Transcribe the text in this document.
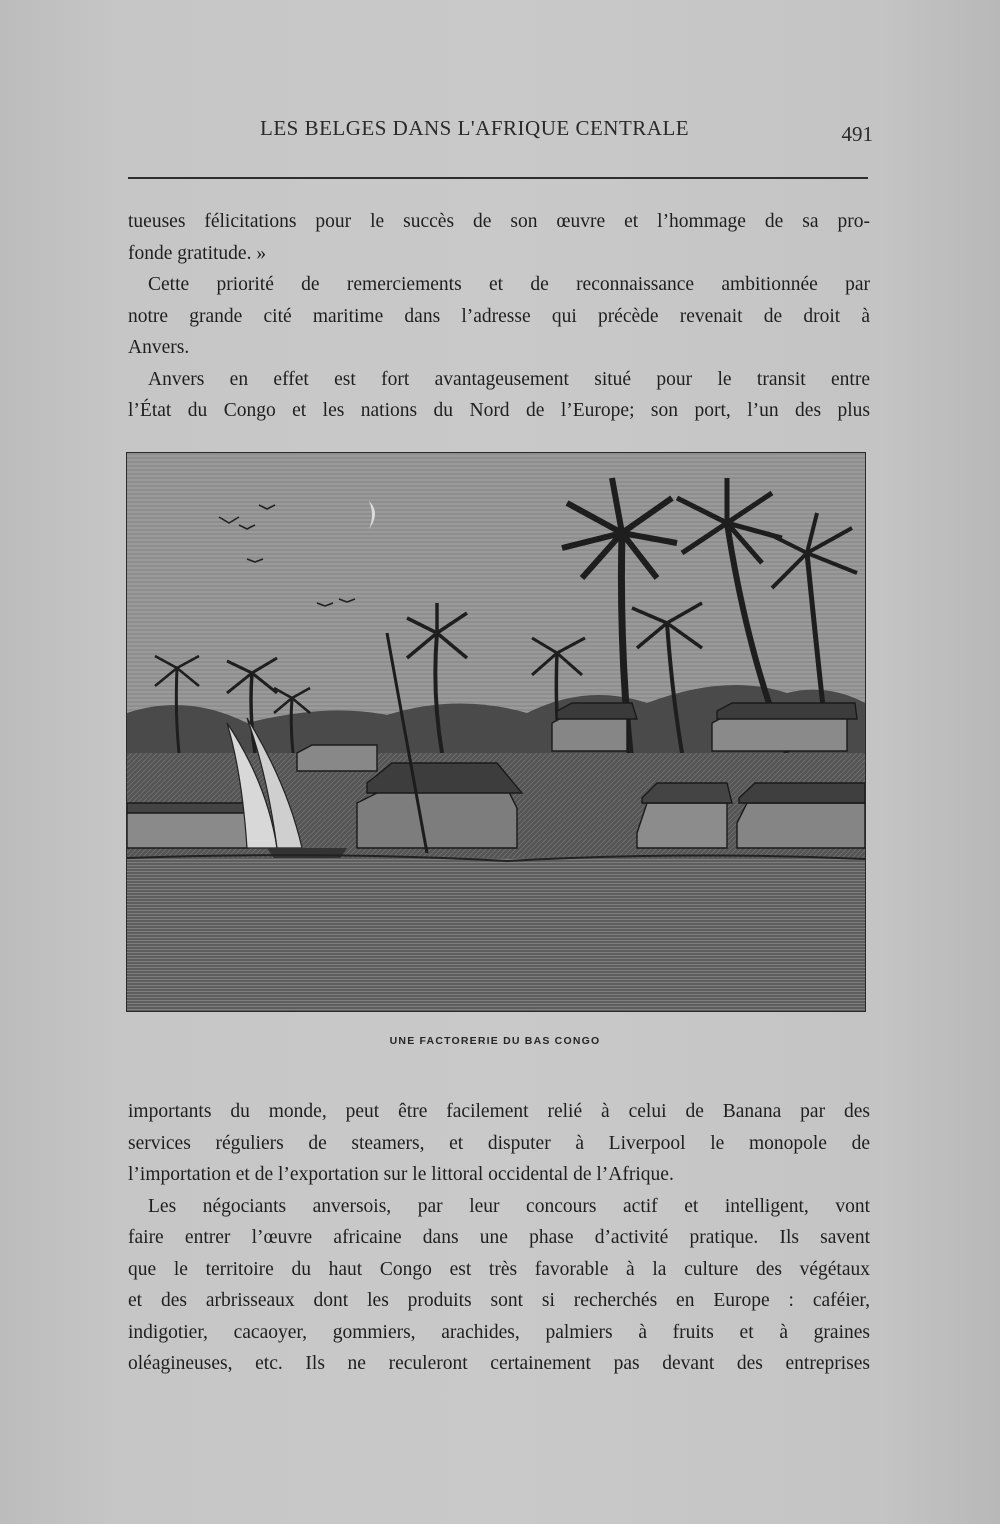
LES BELGES DANS L'AFRIQUE CENTRALE	491
tueuses félicitations pour le succès de son œuvre et l’hommage de sa pro-
fonde gratitude. »
Cette priorité de remerciements et de reconnaissance ambitionnée par
notre grande cité maritime dans l’adresse qui précède revenait de droit à
Anvers.
Anvers en effet est fort avantageusement situé pour le transit entre
l’État du Congo et les nations du Nord de l’Europe; son port, l’un des plus
UNE FACTORERIE DU BAS CONGO
importants du monde, peut être facilement relié à celui de Banana par des
services réguliers de steamers, et disputer à Liverpool le monopole de
l’importation et de l’exportation sur le littoral occidental de l’Afrique.
Les négociants anversois, par leur concours actif et intelligent, vont
faire entrer l’œuvre africaine dans une phase d’activité pratique. Ils savent
que le territoire du haut Congo est très favorable à la culture des végétaux
et des arbrisseaux dont les produits sont si recherchés en Europe : caféier,
indigotier, cacaoyer, gommiers, arachides, palmiers à fruits et à graines
oléagineuses, etc. Ils ne reculeront certainement pas devant des entreprises
